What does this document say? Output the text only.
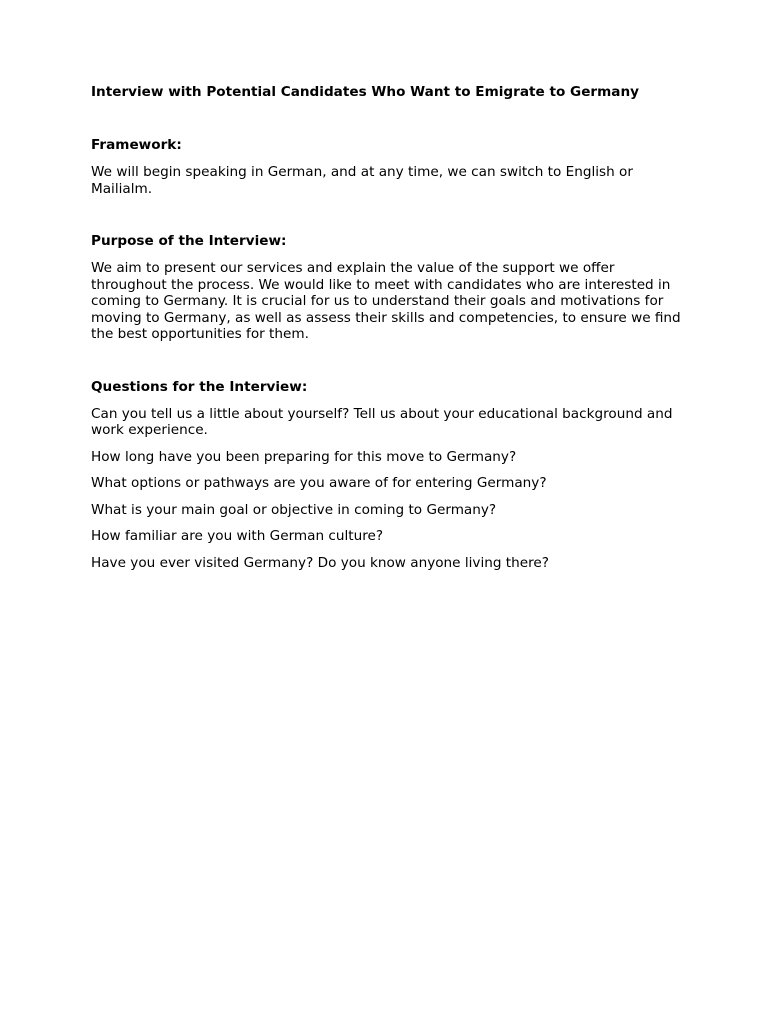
Interview with Potential Candidates Who Want to Emigrate to Germany
Framework:

We will begin speaking in German, and at any time, we can switch to English or Mailialm.

Purpose of the Interview:

We aim to present our services and explain the value of the support we offer throughout the process. We would like to meet with candidates who are interested in coming to Germany. It is crucial for us to understand their goals and motivations for moving to Germany, as well as assess their skills and competencies, to ensure we find the best opportunities for them.

Questions for the Interview:
Can you tell us a little about yourself? Tell us about your educational background and work experience.
How long have you been preparing for this move to Germany?
What options or pathways are you aware of for entering Germany?
What is your main goal or objective in coming to Germany?
How familiar are you with German culture?
Have you ever visited Germany? Do you know anyone living there?
